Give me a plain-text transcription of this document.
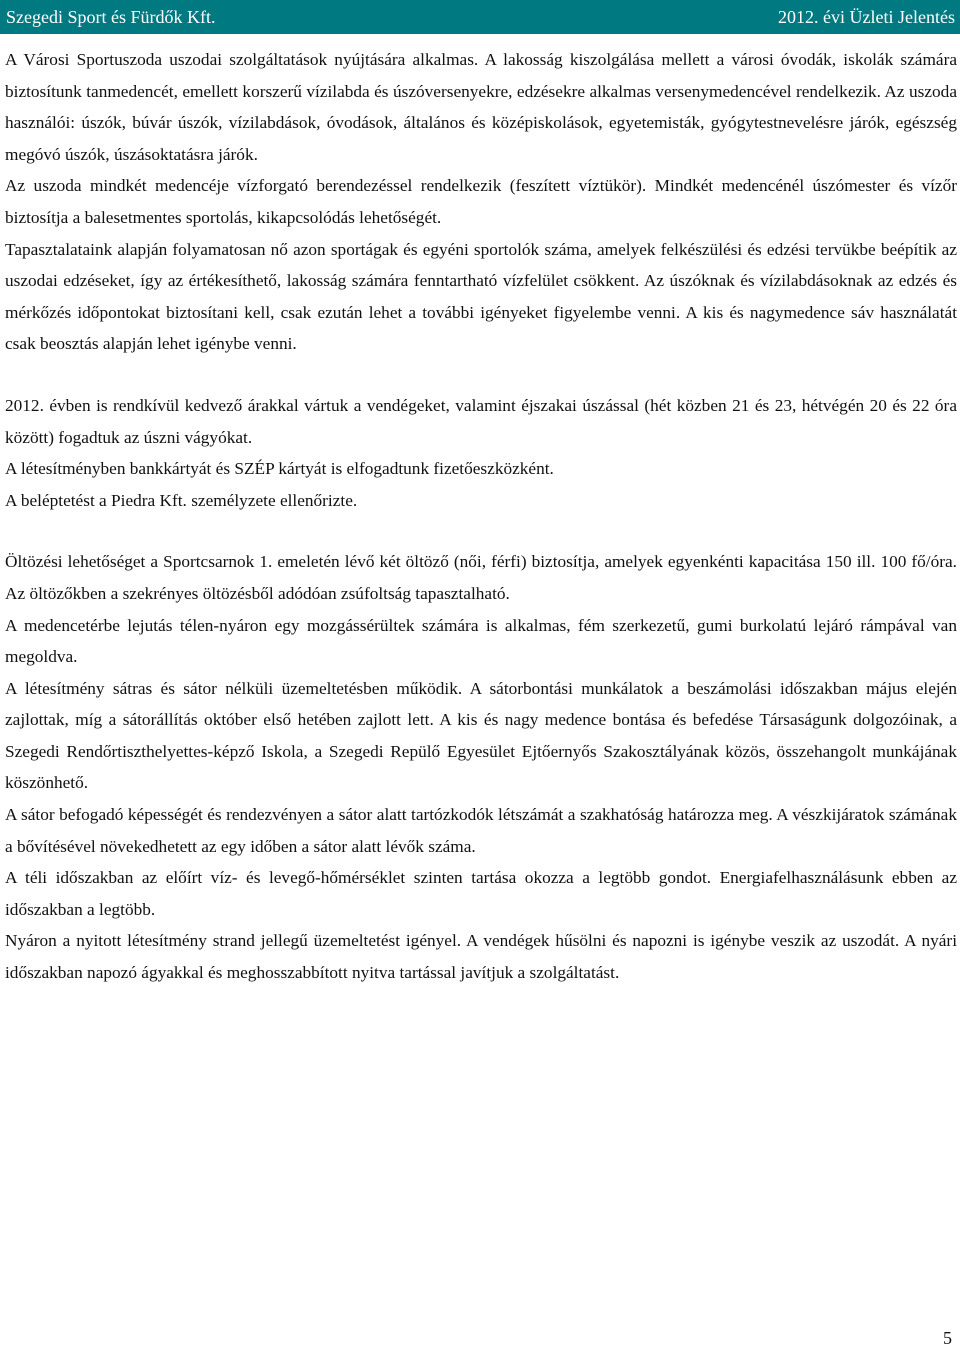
Szegedi Sport és Fürdők Kft.	2012. évi Üzleti Jelentés

A Városi Sportuszoda uszodai szolgáltatások nyújtására alkalmas. A lakosság kiszolgálása mellett a városi óvodák, iskolák számára biztosítunk tanmedencét, emellett korszerű vízilabda és úszóversenyekre, edzésekre alkalmas versenymedencével rendelkezik. Az uszoda használói: úszók, búvár úszók, vízilabdások, óvodások, általános és középiskolások, egyetemisták, gyógytestnevelésre járók, egészség megóvó úszók, úszásoktatásra járók.

Az uszoda mindkét medencéje vízforgató berendezéssel rendelkezik (feszített víztükör). Mindkét medencénél úszómester és vízőr biztosítja a balesetmentes sportolás, kikapcsolódás lehetőségét.

Tapasztalataink alapján folyamatosan nő azon sportágak és egyéni sportolók száma, amelyek felkészülési és edzési tervükbe beépítik az uszodai edzéseket, így az értékesíthető, lakosság számára fenntartható vízfelület csökkent. Az úszóknak és vízilabdásoknak az edzés és mérkőzés időpontokat biztosítani kell, csak ezután lehet a további igényeket figyelembe venni. A kis és nagymedence sáv használatát csak beosztás alapján lehet igénybe venni.

2012. évben is rendkívül kedvező árakkal vártuk a vendégeket, valamint éjszakai úszással (hét közben 21 és 23, hétvégén 20 és 22 óra között) fogadtuk az úszni vágyókat.

A létesítményben bankkártyát és SZÉP kártyát is elfogadtunk fizetőeszközként.

A beléptetést a Piedra Kft. személyzete ellenőrizte.

Öltözési lehetőséget a Sportcsarnok 1. emeletén lévő két öltöző (női, férfi) biztosítja, amelyek egyenkénti kapacitása 150 ill. 100 fő/óra. Az öltözőkben a szekrényes öltözésből adódóan zsúfoltság tapasztalható.

A medencetérbe lejutás télen-nyáron egy mozgássérültek számára is alkalmas, fém szerkezetű, gumi burkolatú lejáró rámpával van megoldva.

A létesítmény sátras és sátor nélküli üzemeltetésben működik. A sátorbontási munkálatok a beszámolási időszakban május elején zajlottak, míg a sátorállítás október első hetében zajlott lett. A kis és nagy medence bontása és befedése Társaságunk dolgozóinak, a Szegedi Rendőrtiszthelyettes-képző Iskola, a Szegedi Repülő Egyesület Ejtőernyős Szakosztályának közös, összehangolt munkájának köszönhető.

A sátor befogadó képességét és rendezvényen a sátor alatt tartózkodók létszámát a szakhatóság határozza meg. A vészkijáratok számának a bővítésével növekedhetett az egy időben a sátor alatt lévők száma.

A téli időszakban az előírt víz- és levegő-hőmérséklet szinten tartása okozza a legtöbb gondot. Energiafelhasználásunk ebben az időszakban a legtöbb.

Nyáron a nyitott létesítmény strand jellegű üzemeltetést igényel. A vendégek hűsölni és napozni is igénybe veszik az uszodát. A nyári időszakban napozó ágyakkal és meghosszabbított nyitva tartással javítjuk a szolgáltatást.

5
